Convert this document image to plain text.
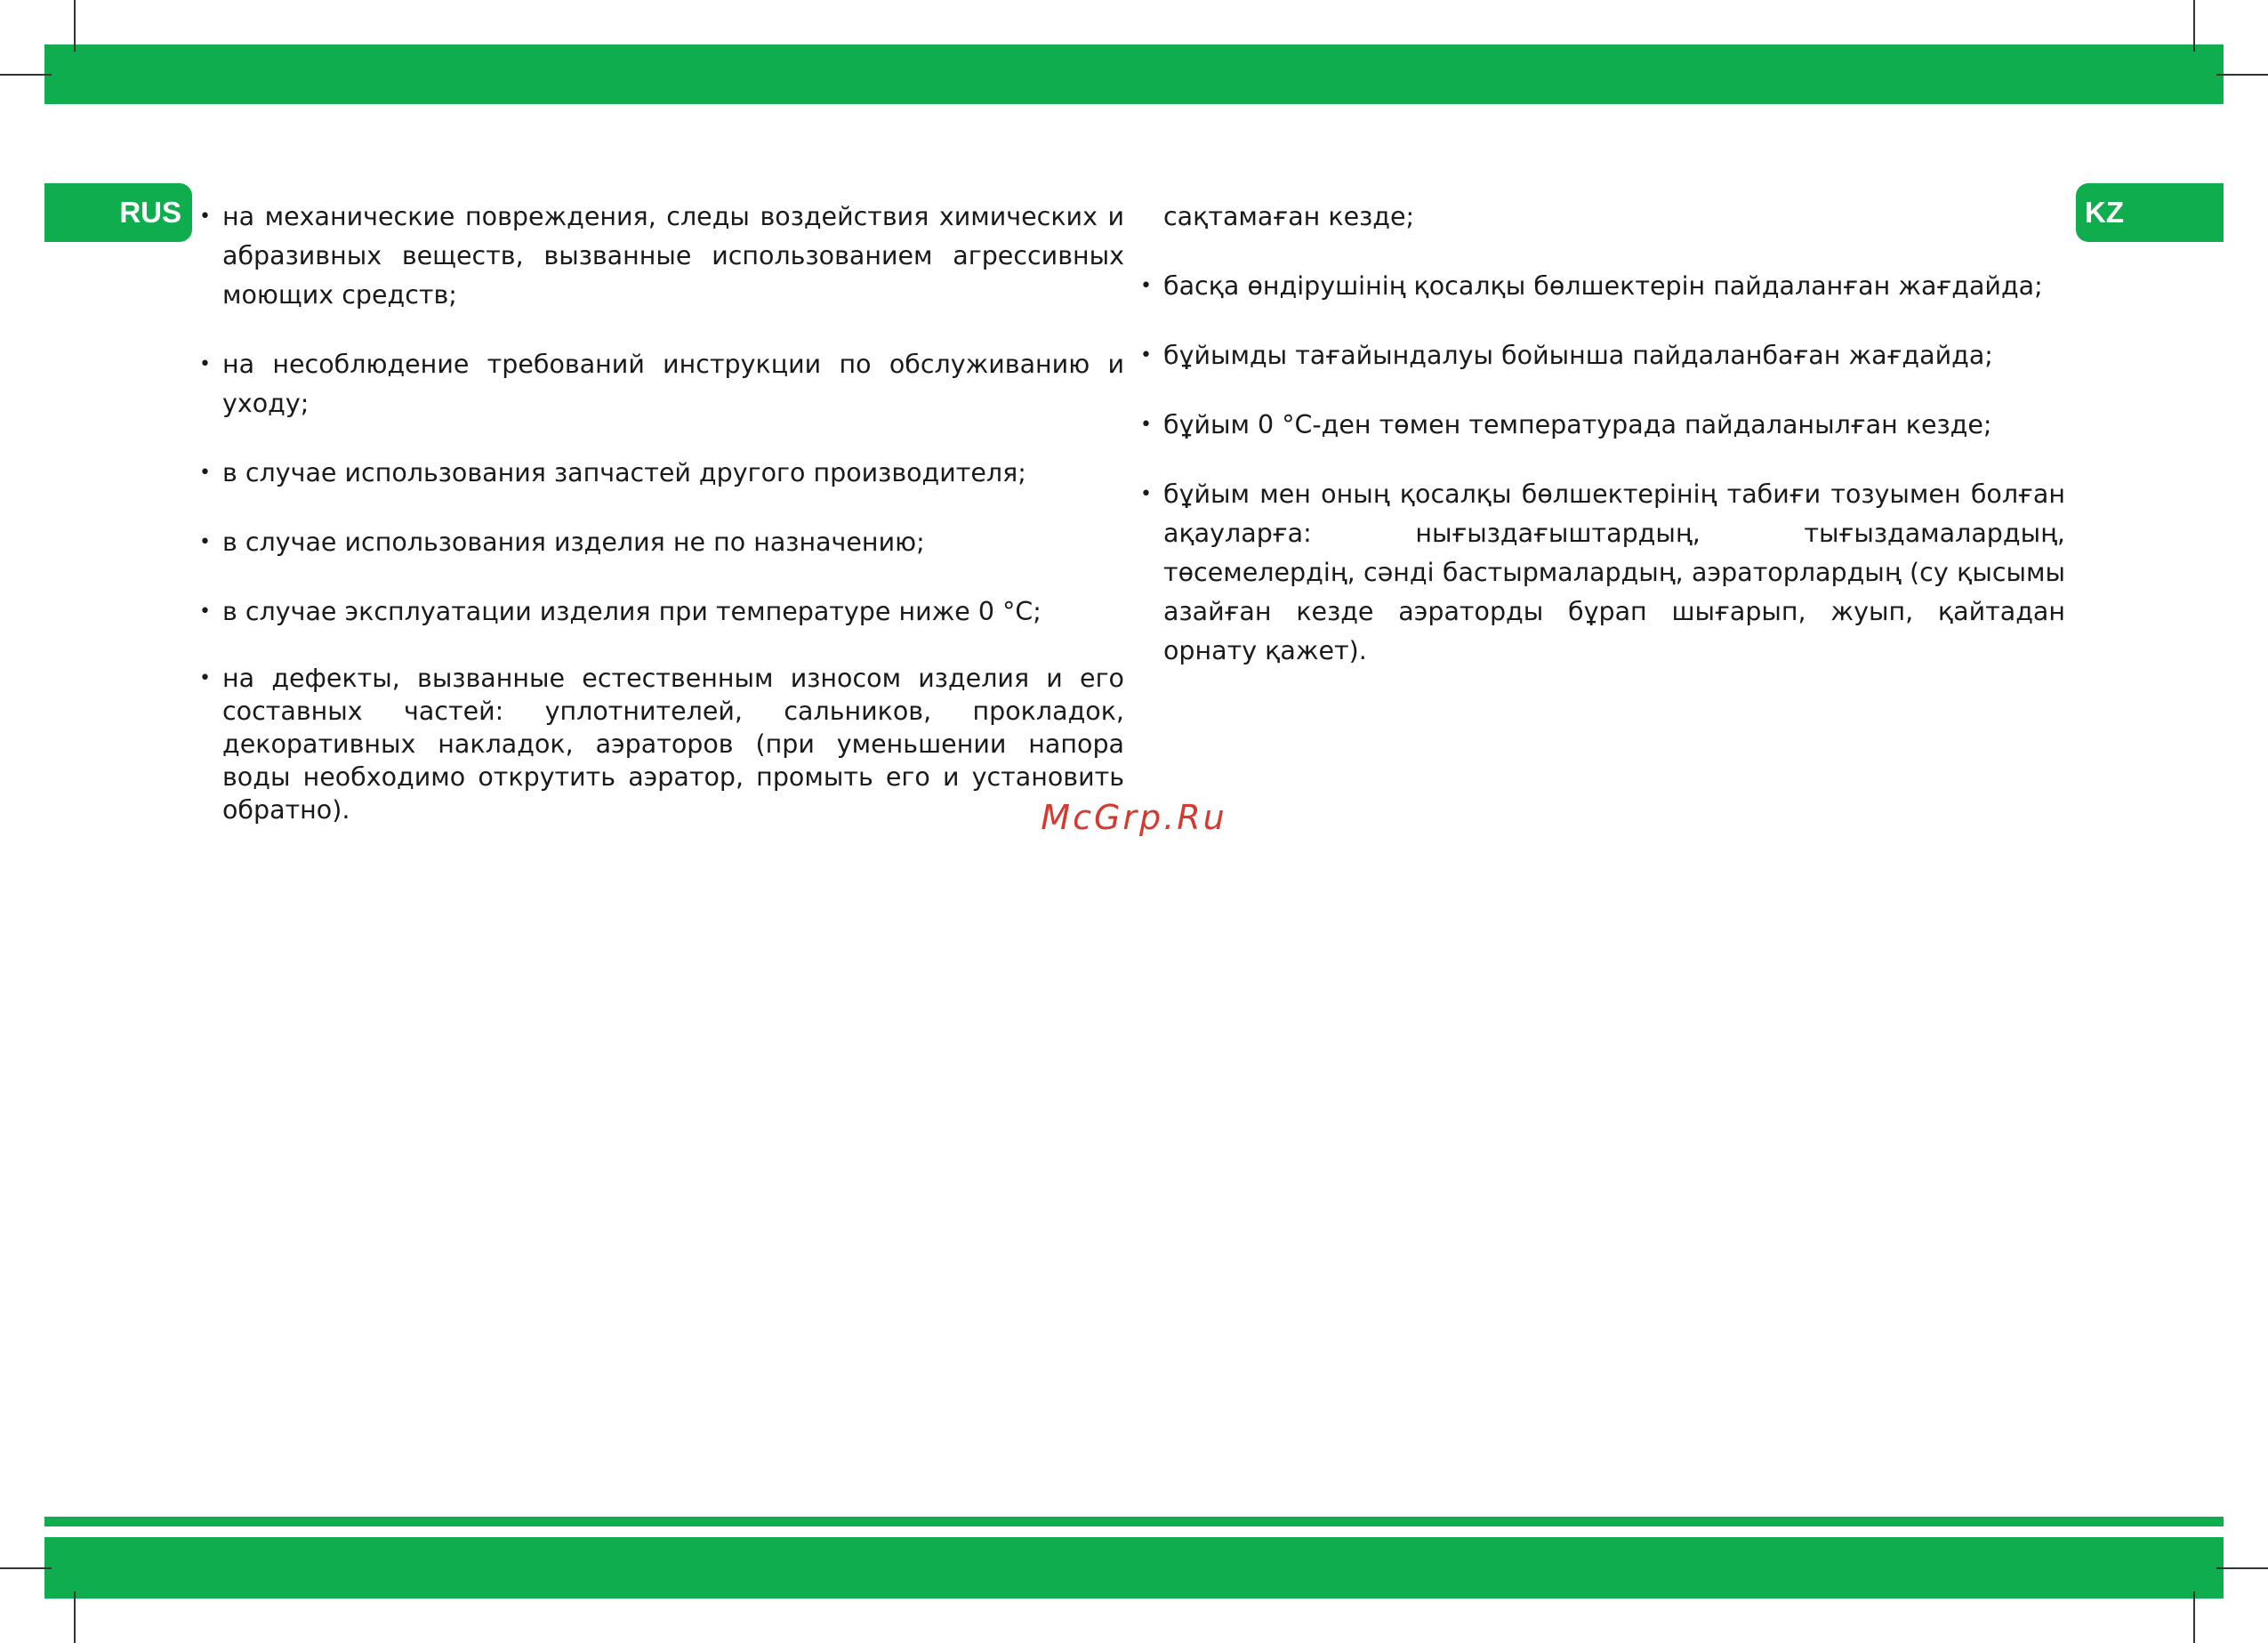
RUS	KZ
• на механические повреждения, следы воздействия химических и абразивных веществ, вызванные использованием агрессивных моющих средств;
• на несоблюдение требований инструкции по обслуживанию и уходу;
• в случае использования запчастей другого производителя;
• в случае использования изделия не по назначению;
• в случае эксплуатации изделия при температуре ниже 0 °С;
• на дефекты, вызванные естественным износом изделия и его составных частей: уплотнителей, сальников, прокладок, декоративных накладок, аэраторов (при уменьшении напора воды необходимо открутить аэратор, промыть его и установить обратно).
сақтамаған кезде;
• басқа өндірушінің қосалқы бөлшектерін пайдаланған жағдайда;
• бұйымды тағайындалуы бойынша пайдаланбаған жағдайда;
• бұйым 0 °С-ден төмен температурада пайдаланылған кезде;
• бұйым мен оның қосалқы бөлшектерінің табиғи тозуымен болған ақауларға: нығыздағыштардың, тығыздамалардың, төсемелердің, сәнді бастырмалардың, аэраторлардың (су қысымы азайған кезде аэраторды бұрап шығарып, жуып, қайтадан орнату қажет).
McGrp.Ru
